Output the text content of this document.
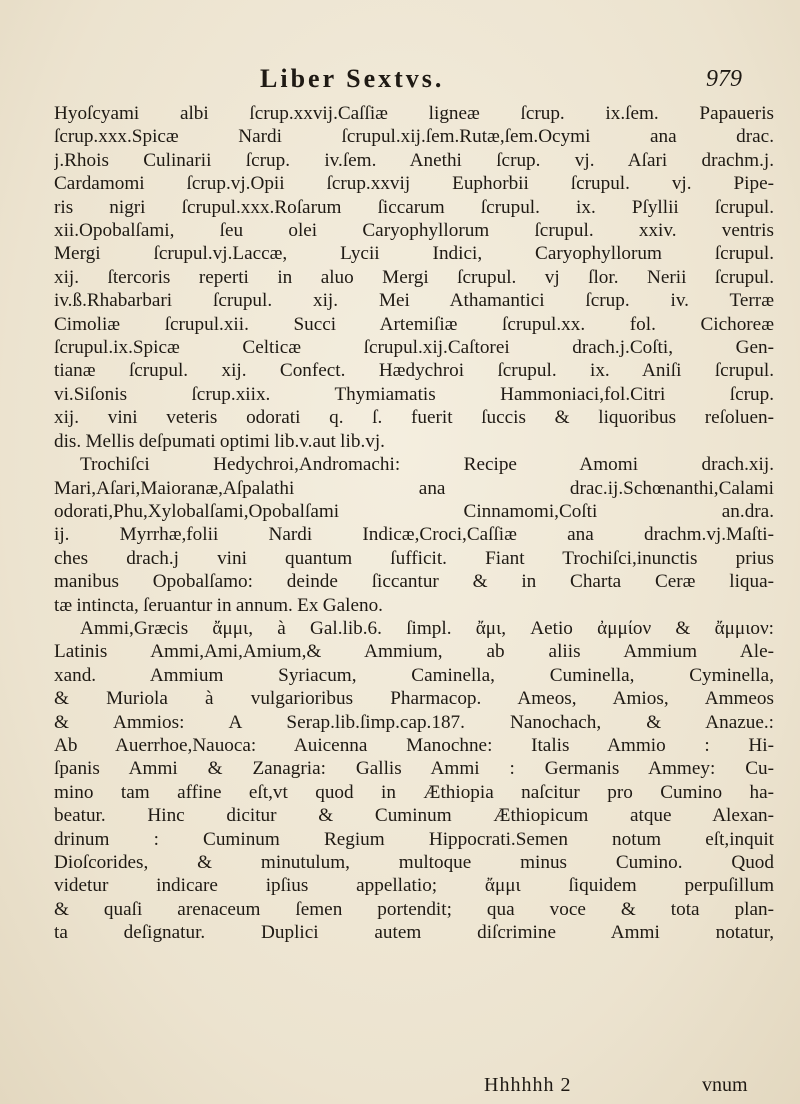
Liber Sextvs.	979
Hyoſcyami albi ſcrup.xxvij.Caſſiæ ligneæ ſcrup. ix.ſem. Papaueris
ſcrup.xxx.Spicæ Nardi ſcrupul.xij.ſem.Rutæ,ſem.Ocymi ana drac.
j.Rhois Culinarii ſcrup. iv.ſem. Anethi ſcrup. vj. Aſari drachm.j.
Cardamomi ſcrup.vj.Opii ſcrup.xxvij Euphorbii ſcrupul. vj. Pipe-
ris nigri ſcrupul.xxx.Roſarum ſiccarum ſcrupul. ix. Pſyllii ſcrupul.
xii.Opobalſami, ſeu olei Caryophyllorum ſcrupul. xxiv. ventris
Mergi ſcrupul.vj.Laccæ, Lycii Indici, Caryophyllorum ſcrupul.
xij. ſtercoris reperti in aluo Mergi ſcrupul. vj ſlor. Nerii ſcrupul.
iv.ß.Rhabarbari ſcrupul. xij. Mei Athamantici ſcrup. iv. Terræ
Cimoliæ ſcrupul.xii. Succi Artemiſiæ ſcrupul.xx. fol. Cichoreæ
ſcrupul.ix.Spicæ Celticæ ſcrupul.xij.Caſtorei drach.j.Coſti, Gen-
tianæ ſcrupul. xij. Confect. Hædychroi ſcrupul. ix. Aniſi ſcrupul.
vi.Siſonis ſcrup.xiix. Thymiamatis Hammoniaci,fol.Citri ſcrup.
xij. vini veteris odorati q. ſ. fuerit ſuccis & liquoribus reſoluen-
dis. Mellis deſpumati optimi lib.v.aut lib.vj.
Trochiſci Hedychroi,Andromachi: Recipe Amomi drach.xij.
Mari,Aſari,Maioranæ,Aſpalathi ana drac.ij.Schœnanthi,Calami
odorati,Phu,Xylobalſami,Opobalſami Cinnamomi,Coſti an.dra.
ij. Myrrhæ,folii Nardi Indicæ,Croci,Caſſiæ ana drachm.vj.Maſti-
ches drach.j vini quantum ſufficit. Fiant Trochiſci,inunctis prius
manibus Opobalſamo: deinde ſiccantur & in Charta Ceræ liqua-
tæ intincta, ſeruantur in annum. Ex Galeno.
Ammi,Græcis ἄμμι, à Gal.lib.6. ſimpl. ἄμι, Aetio ἀμμίον & ἄμμιον:
Latinis Ammi,Ami,Amium,& Ammium, ab aliis Ammium Ale-
xand. Ammium Syriacum, Caminella, Cuminella, Cyminella,
& Muriola à vulgarioribus Pharmacop. Ameos, Amios, Ammeos
& Ammios: A Serap.lib.ſimp.cap.187. Nanochach, & Anazue.:
Ab Auerrhoe,Nauoca: Auicenna Manochne: Italis Ammio : Hi-
ſpanis Ammi & Zanagria: Gallis Ammi : Germanis Ammey: Cu-
mino tam affine eſt,vt quod in Æthiopia naſcitur pro Cumino ha-
beatur. Hinc dicitur & Cuminum Æthiopicum atque Alexan-
drinum : Cuminum Regium Hippocrati.Semen notum eſt,inquit
Dioſcorides, & minutulum, multoque minus Cumino. Quod
videtur indicare ipſius appellatio; ἄμμι ſiquidem perpuſillum
& quaſi arenaceum ſemen portendit; qua voce & tota plan-
ta deſignatur. Duplici autem diſcrimine Ammi notatur,
Hhhhhh 2	vnum
